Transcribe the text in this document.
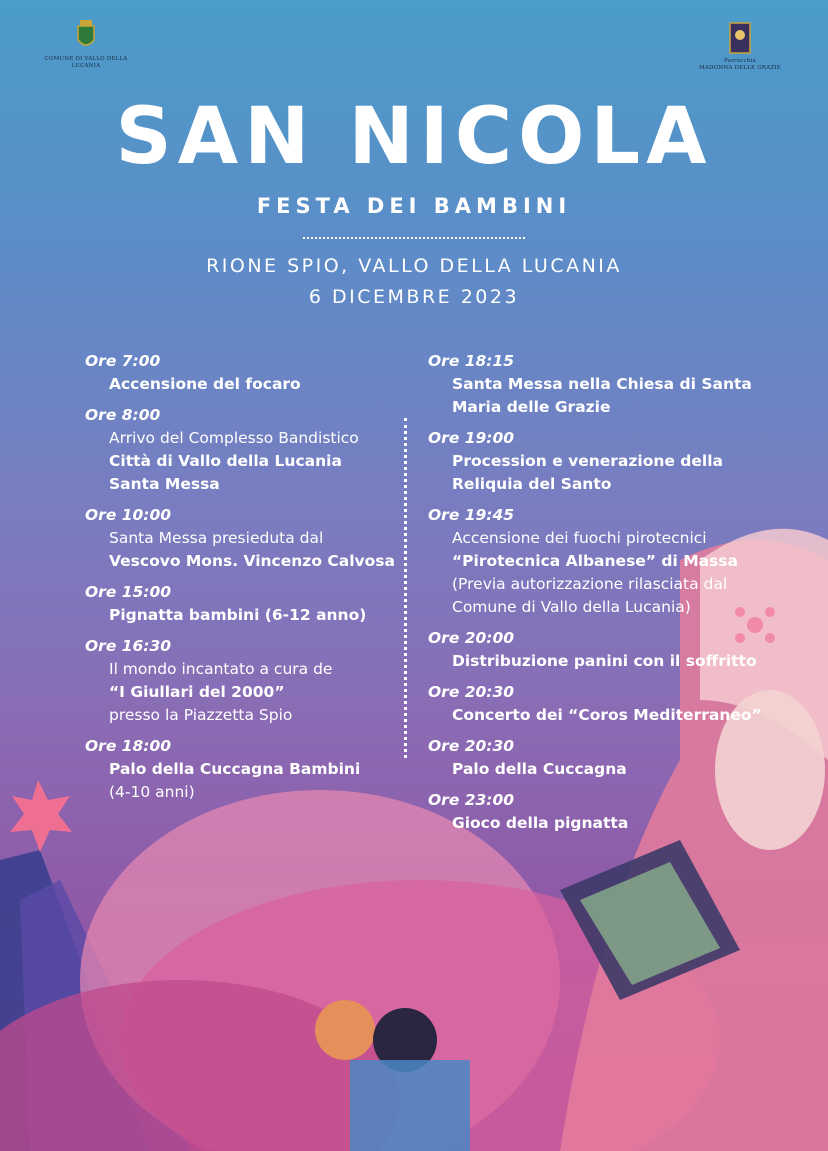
COMUNE DI VALLO DELLA LUCANIA
Parrocchia
MADONNA DELLE GRAZIE
SAN NICOLA
FESTA DEI BAMBINI
RIONE SPIO, VALLO DELLA LUCANIA
6 DICEMBRE 2023
Ore 7:00
Accensione del focaro
Ore 8:00
Arrivo del Complesso Bandistico
Città di Vallo della Lucania
Santa Messa
Ore 10:00
Santa Messa presieduta dal
Vescovo Mons. Vincenzo Calvosa
Ore 15:00
Pignatta bambini (6-12 anno)
Ore 16:30
Il mondo incantato a cura de
“I Giullari del 2000”
presso la Piazzetta Spio
Ore 18:00
Palo della Cuccagna Bambini
(4-10 anni)
Ore 18:15
Santa Messa nella Chiesa di Santa
Maria delle Grazie
Ore 19:00
Procession e venerazione della
Reliquia del Santo
Ore 19:45
Accensione dei fuochi pirotecnici
“Pirotecnica Albanese” di Massa
(Previa autorizzazione rilasciata dal
Comune di Vallo della Lucania)
Ore 20:00
Distribuzione panini con il soffritto
Ore 20:30
Concerto dei “Coros Mediterraneo”
Ore 20:30
Palo della Cuccagna
Ore 23:00
Gioco della pignatta
